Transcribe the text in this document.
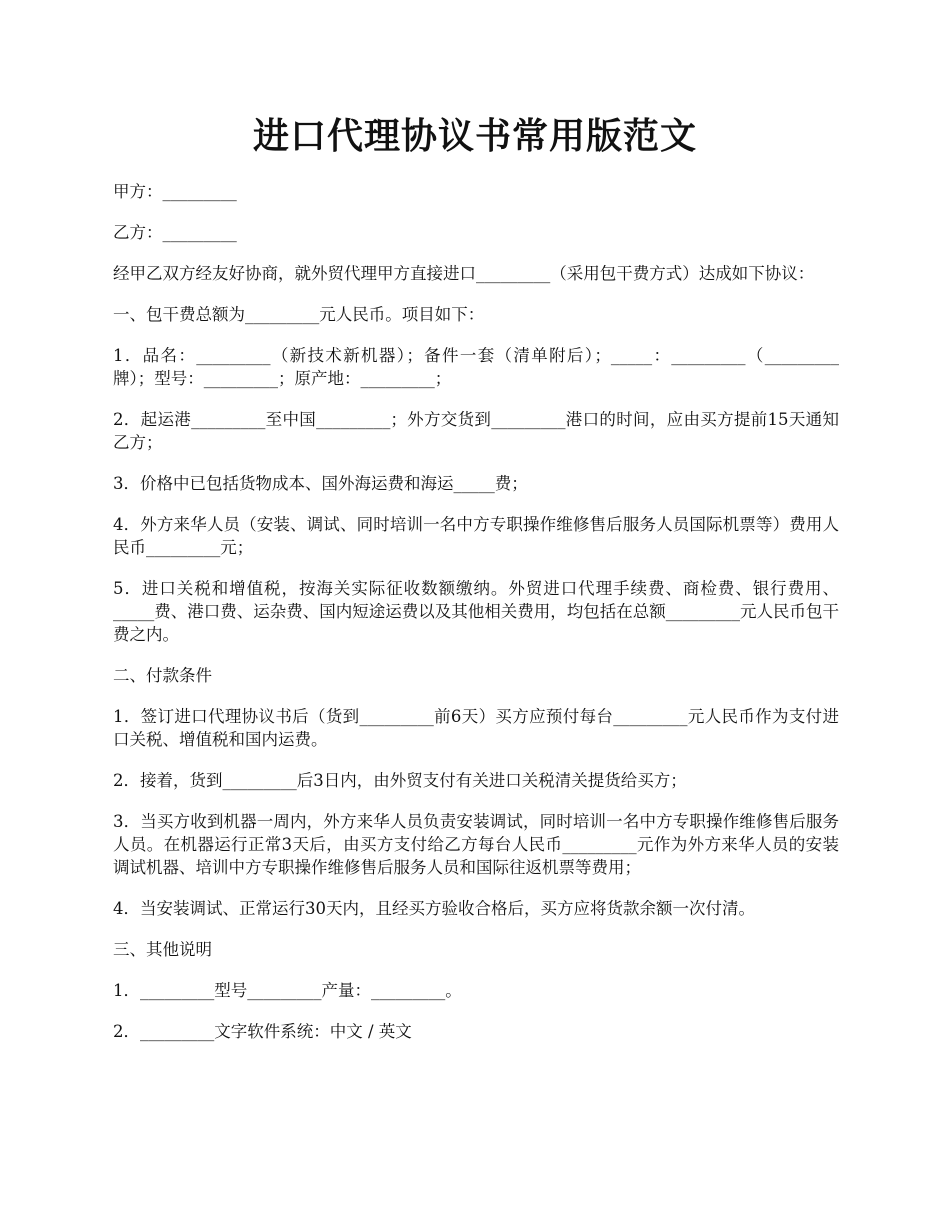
进口代理协议书常用版范文

甲方：_________

乙方：_________

经甲乙双方经友好协商，就外贸代理甲方直接进口_________（采用包干费方式）达成如下协议：

一、包干费总额为_________元人民币。项目如下：

1．品名：_________（新技术新机器）；备件一套（清单附后）；_____：_________（_________牌）；型号：_________；原产地：_________；

2．起运港_________至中国_________；外方交货到_________港口的时间，应由买方提前15天通知乙方；

3．价格中已包括货物成本、国外海运费和海运_____费；

4．外方来华人员（安装、调试、同时培训一名中方专职操作维修售后服务人员国际机票等）费用人民币_________元；

5．进口关税和增值税，按海关实际征收数额缴纳。外贸进口代理手续费、商检费、银行费用、_____费、港口费、运杂费、国内短途运费以及其他相关费用，均包括在总额_________元人民币包干费之内。

二、付款条件

1．签订进口代理协议书后（货到_________前6天）买方应预付每台_________元人民币作为支付进口关税、增值税和国内运费。

2．接着，货到_________后3日内，由外贸支付有关进口关税清关提货给买方；

3．当买方收到机器一周内，外方来华人员负责安装调试，同时培训一名中方专职操作维修售后服务人员。在机器运行正常3天后，由买方支付给乙方每台人民币_________元作为外方来华人员的安装调试机器、培训中方专职操作维修售后服务人员和国际往返机票等费用；

4．当安装调试、正常运行30天内，且经买方验收合格后，买方应将货款余额一次付清。

三、其他说明

1．_________型号_________产量：_________。

2．_________文字软件系统：中文 / 英文
